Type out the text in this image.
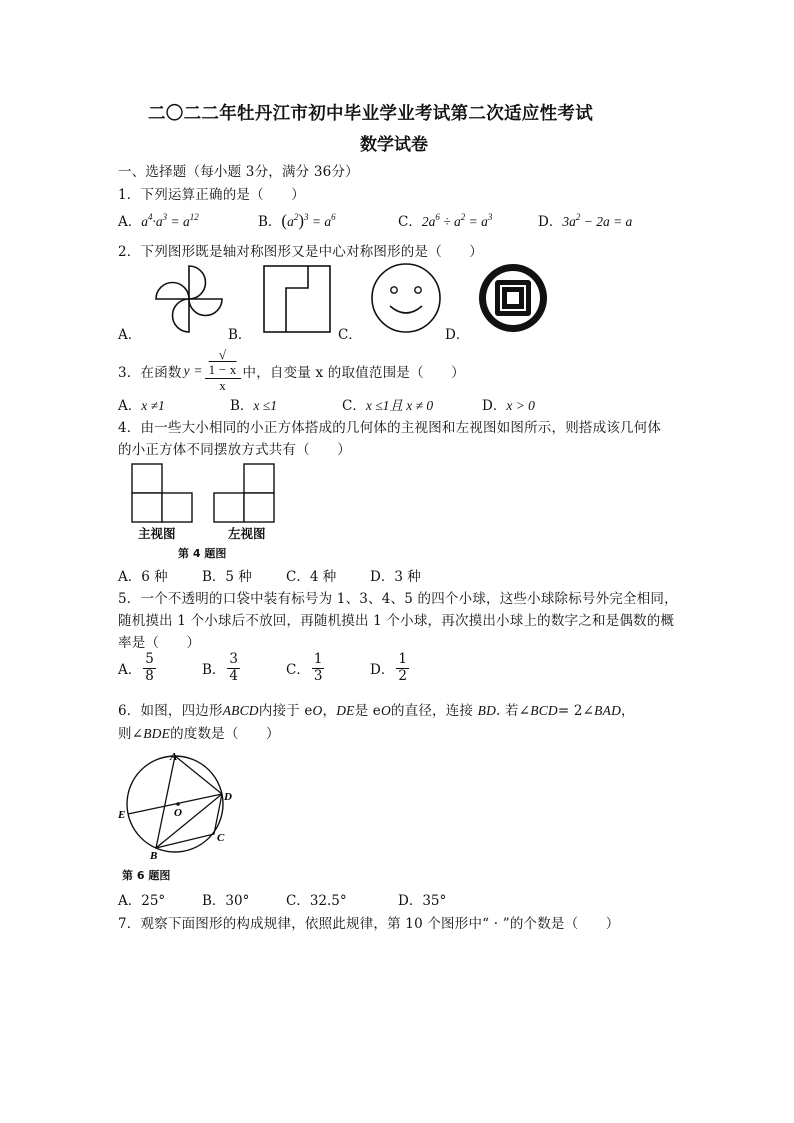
二〇二二年牡丹江市初中毕业学业考试第二次适应性考试
数学试卷
一、选择题（每小题 3分，满分 36分）
1．下列运算正确的是（　　）
A．$a^4\cdot a^3 = a^{12}$	B．$(a^2)^3 = a^6$	C．$2a^6 \div a^2 = a^3$	D．$3a^2 - 2a = a$
2．下列图形既是轴对称图形又是中心对称图形的是（　　）
A．	B．	C．	D．
3．在函数 y = √
1 − x
x 中，自变量 x 的取值范围是（　　）
A．x ≠1	B．x ≤1	C．x ≤1且 x ≠ 0	D．x > 0
4．由一些大小相同的小正方体搭成的几何体的主视图和左视图如图所示，则搭成该几何体
的小正方体不同摆放方式共有（　　）
主视图	左视图
第 4 题图
A．6 种	B．5 种	C．4 种	D．3 种
5．一个不透明的口袋中装有标号为 1、3、4、5 的四个小球，这些小球除标号外完全相同，
随机摸出 1 个小球后不放回，再随机摸出 1 个小球，再次摸出小球上的数字之和是偶数的概
率是（　　）
A． $\frac{5}{8}$	B． $\frac{3}{4}$	C． $\frac{1}{3}$	D． $\frac{1}{2}$
6．如图，四边形ABCD内接于 eO，DE是 eO的直径，连接 BD. 若∠BCD= 2∠BAD，
则∠BDE的度数是（　　）
A
D
C
B
E	O
第 6 题图
A．25°	B．30°	C．32.5°	D．35°
7．观察下面图形的构成规律，依照此规律，第 10 个图形中“ · ”的个数是（　　）
